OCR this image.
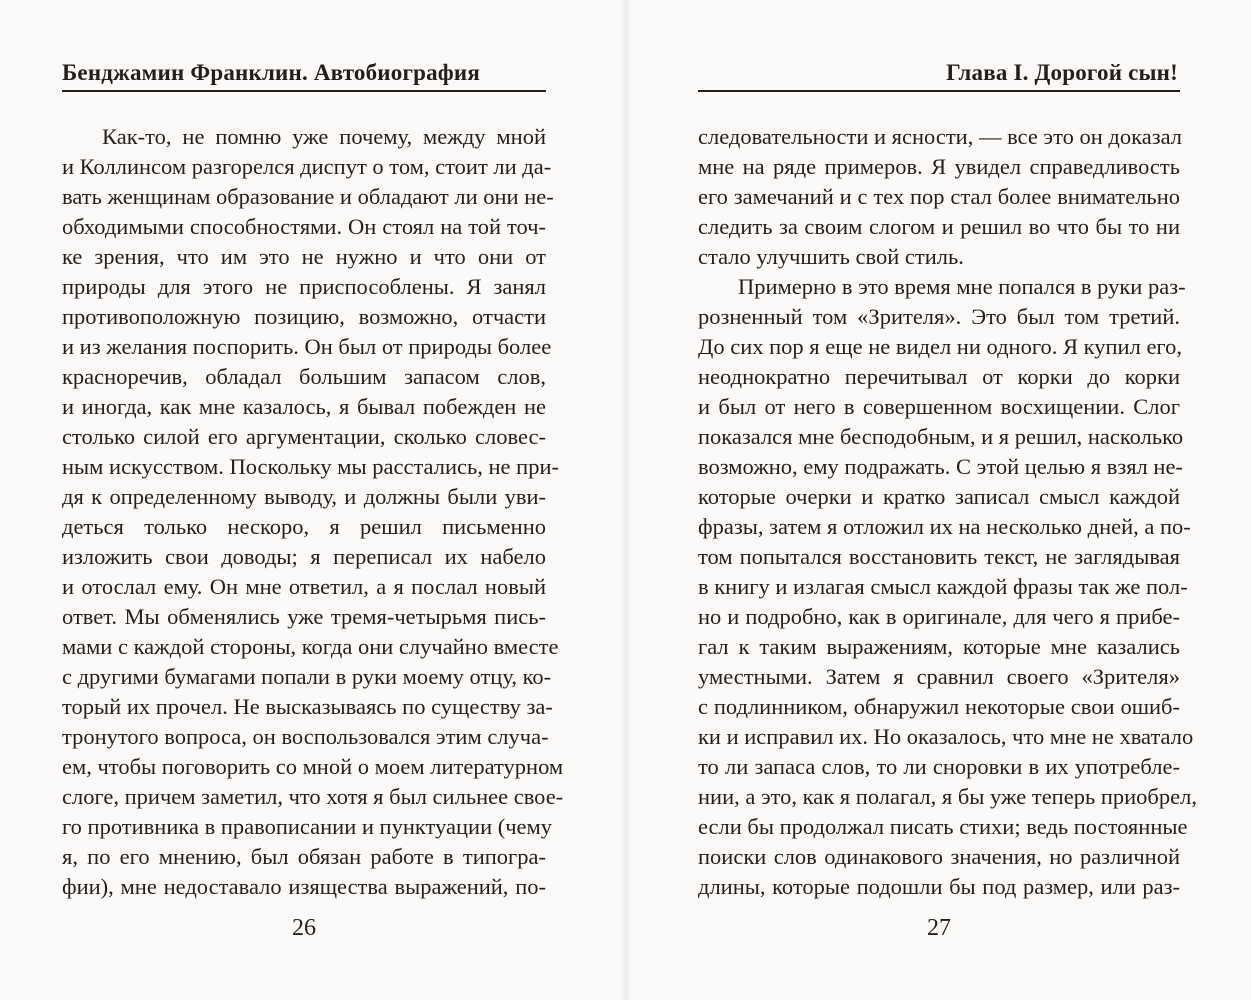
Бенджамин Франклин. Автобиография
Как-то, не помню уже почему, между мной
и Коллинсом разгорелся диспут о том, стоит ли да-
вать женщинам образование и обладают ли они не-
обходимыми способностями. Он стоял на той точ-
ке зрения, что им это не нужно и что они от
природы для этого не приспособлены. Я занял
противоположную позицию, возможно, отчасти
и из желания поспорить. Он был от природы более
красноречив, обладал большим запасом слов,
и иногда, как мне казалось, я бывал побежден не
столько силой его аргументации, сколько словес-
ным искусством. Поскольку мы расстались, не при-
дя к определенному выводу, и должны были уви-
деться только нескоро, я решил письменно
изложить свои доводы; я переписал их набело
и отослал ему. Он мне ответил, а я послал новый
ответ. Мы обменялись уже тремя-четырьмя пись-
мами с каждой стороны, когда они случайно вместе
с другими бумагами попали в руки моему отцу, ко-
торый их прочел. Не высказываясь по существу за-
тронутого вопроса, он воспользовался этим случа-
ем, чтобы поговорить со мной о моем литературном
слоге, причем заметил, что хотя я был сильнее свое-
го противника в правописании и пунктуации (чему
я, по его мнению, был обязан работе в типогра-
фии), мне недоставало изящества выражений, по-
26
Глава I. Дорогой сын!
следовательности и ясности, — все это он доказал
мне на ряде примеров. Я увидел справедливость
его замечаний и с тех пор стал более внимательно
следить за своим слогом и решил во что бы то ни
стало улучшить свой стиль.
Примерно в это время мне попался в руки раз-
розненный том «Зрителя». Это был том третий.
До сих пор я еще не видел ни одного. Я купил его,
неоднократно перечитывал от корки до корки
и был от него в совершенном восхищении. Слог
показался мне бесподобным, и я решил, насколько
возможно, ему подражать. С этой целью я взял не-
которые очерки и кратко записал смысл каждой
фразы, затем я отложил их на несколько дней, а по-
том попытался восстановить текст, не заглядывая
в книгу и излагая смысл каждой фразы так же пол-
но и подробно, как в оригинале, для чего я прибе-
гал к таким выражениям, которые мне казались
уместными. Затем я сравнил своего «Зрителя»
с подлинником, обнаружил некоторые свои ошиб-
ки и исправил их. Но оказалось, что мне не хватало
то ли запаса слов, то ли сноровки в их употребле-
нии, а это, как я полагал, я бы уже теперь приобрел,
если бы продолжал писать стихи; ведь постоянные
поиски слов одинакового значения, но различной
длины, которые подошли бы под размер, или раз-
27
